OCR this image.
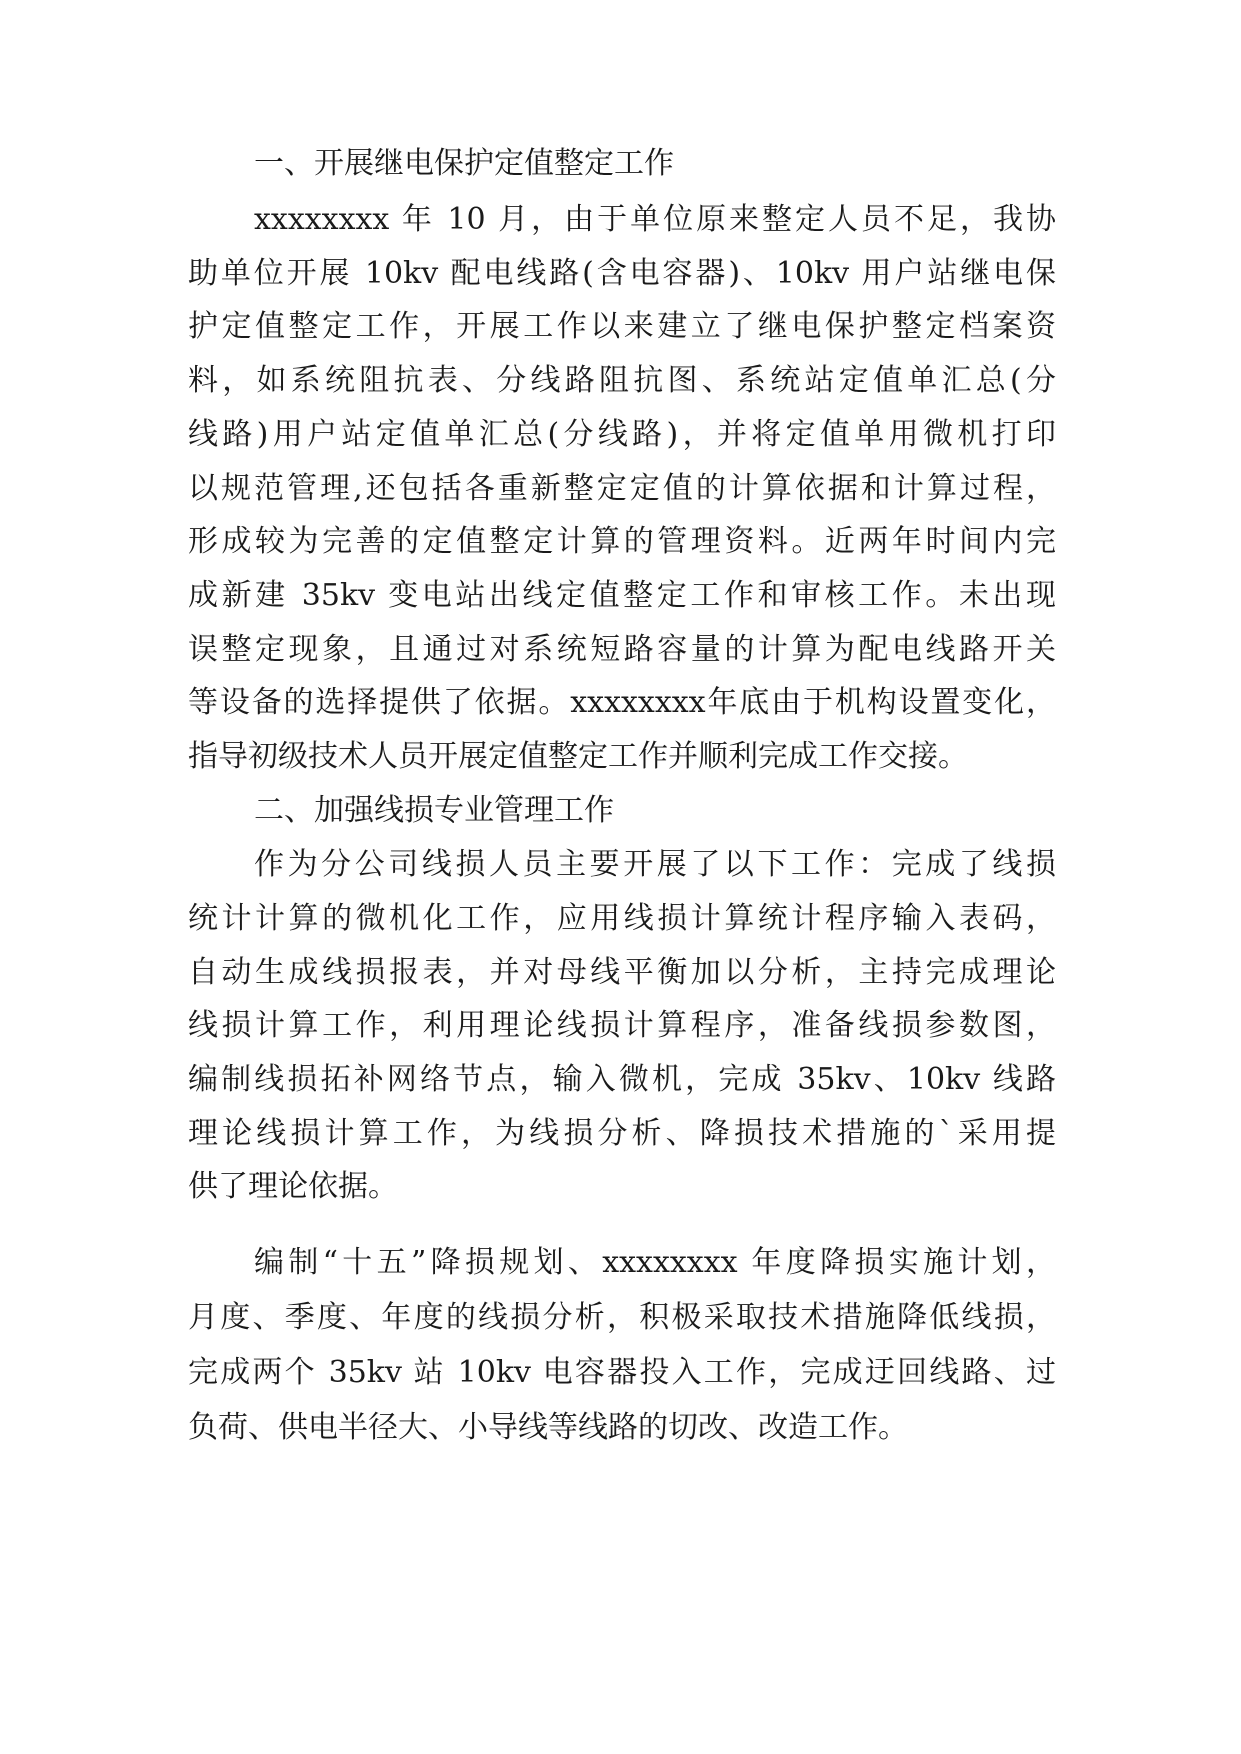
一、开展继电保护定值整定工作
xxxxxxxx 年 10 月，由于单位原来整定人员不足，我协
助单位开展 10kv 配电线路(含电容器)、10kv 用户站继电保
护定值整定工作，开展工作以来建立了继电保护整定档案资
料，如系统阻抗表、分线路阻抗图、系统站定值单汇总(分
线路)用户站定值单汇总(分线路)，并将定值单用微机打印
以规范管理,还包括各重新整定定值的计算依据和计算过程，
形成较为完善的定值整定计算的管理资料。近两年时间内完
成新建 35kv 变电站出线定值整定工作和审核工作。未出现
误整定现象，且通过对系统短路容量的计算为配电线路开关
等设备的选择提供了依据。xxxxxxxx年底由于机构设置变化，
指导初级技术人员开展定值整定工作并顺利完成工作交接。
二、加强线损专业管理工作
作为分公司线损人员主要开展了以下工作：完成了线损
统计计算的微机化工作，应用线损计算统计程序输入表码，
自动生成线损报表，并对母线平衡加以分析，主持完成理论
线损计算工作，利用理论线损计算程序，准备线损参数图，
编制线损拓补网络节点，输入微机，完成 35kv、10kv 线路
理论线损计算工作，为线损分析、降损技术措施的`采用提
供了理论依据。
编制“十五”降损规划、xxxxxxxx 年度降损实施计划，
月度、季度、年度的线损分析，积极采取技术措施降低线损，
完成两个 35kv 站 10kv 电容器投入工作，完成迂回线路、过
负荷、供电半径大、小导线等线路的切改、改造工作。
